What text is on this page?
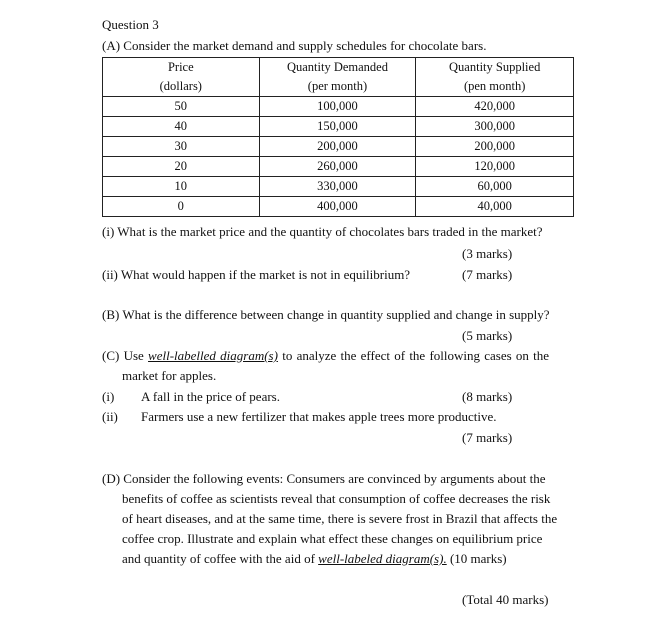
Question 3
(A) Consider the market demand and supply schedules for chocolate bars.
Price	Quantity Demanded	Quantity Supplied
(dollars)	(per month)	(pen month)
50	100,000	420,000
40	150,000	300,000
30	200,000	200,000
20	260,000	120,000
10	330,000	60,000
0	400,000	40,000
(i) What is the market price and the quantity of chocolates bars traded in the market?
(3 marks)
(ii) What would happen if the market is not in equilibrium?	(7 marks)
(B) What is the difference between change in quantity supplied and change in supply?
(5 marks)
(C) Use well-labelled diagram(s) to analyze the effect of the following cases on the
market for apples.
(i) A fall in the price of pears.	(8 marks)
(ii) Farmers use a new fertilizer that makes apple trees more productive.
(7 marks)
(D) Consider the following events: Consumers are convinced by arguments about the
benefits of coffee as scientists reveal that consumption of coffee decreases the risk
of heart diseases, and at the same time, there is severe frost in Brazil that affects the
coffee crop. Illustrate and explain what effect these changes on equilibrium price
and quantity of coffee with the aid of well-labeled diagram(s). (10 marks)
(Total 40 marks)
